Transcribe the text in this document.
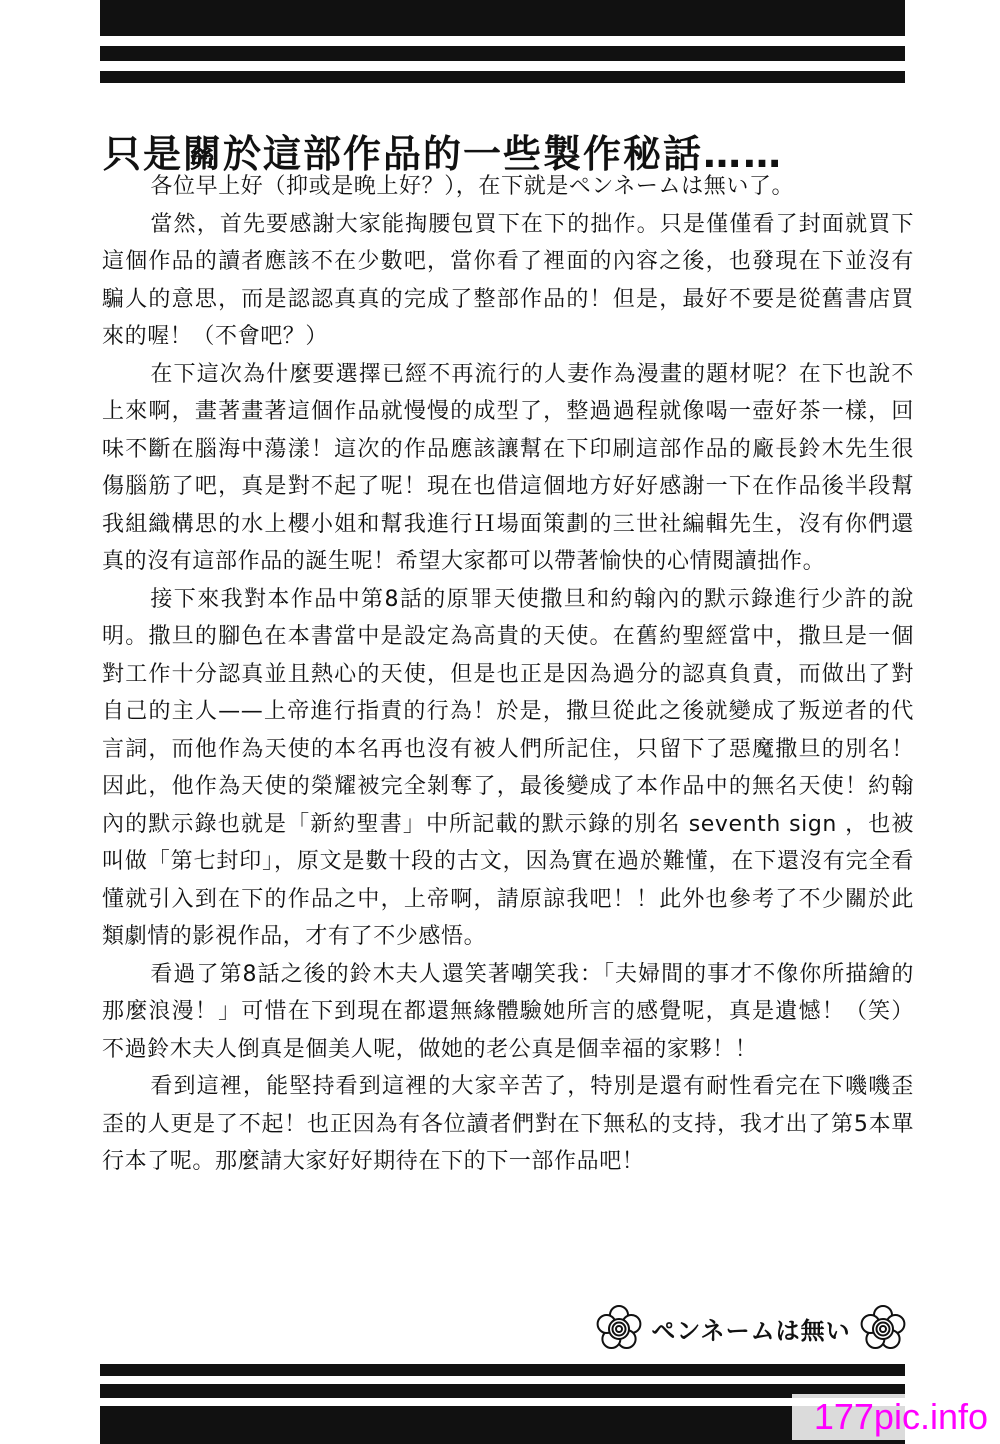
只是關於這部作品的一些製作秘話……

各位早上好（抑或是晚上好？），在下就是ペンネームは無い了。

當然，首先要感謝大家能掏腰包買下在下的拙作。只是僅僅看了封面就買下這個作品的讀者應該不在少數吧，當你看了裡面的內容之後，也發現在下並沒有騙人的意思，而是認認真真的完成了整部作品的！但是，最好不要是從舊書店買來的喔！（不會吧？）

在下這次為什麼要選擇已經不再流行的人妻作為漫畫的題材呢？在下也說不上來啊，畫著畫著這個作品就慢慢的成型了，整過過程就像喝一壺好茶一樣，回味不斷在腦海中蕩漾！這次的作品應該讓幫在下印刷這部作品的廠長鈴木先生很傷腦筋了吧，真是對不起了呢！現在也借這個地方好好感謝一下在作品後半段幫我組織構思的水上櫻小姐和幫我進行Ｈ場面策劃的三世社編輯先生，沒有你們還真的沒有這部作品的誕生呢！希望大家都可以帶著愉快的心情閱讀拙作。

接下來我對本作品中第8話的原罪天使撒旦和約翰內的默示錄進行少許的說明。撒旦的腳色在本書當中是設定為高貴的天使。在舊約聖經當中，撒旦是一個對工作十分認真並且熱心的天使，但是也正是因為過分的認真負責，而做出了對自己的主人——上帝進行指責的行為！於是，撒旦從此之後就變成了叛逆者的代言詞，而他作為天使的本名再也沒有被人們所記住，只留下了惡魔撒旦的別名！因此，他作為天使的榮耀被完全剝奪了，最後變成了本作品中的無名天使！約翰內的默示錄也就是「新約聖書」中所記載的默示錄的別名 seventh sign ，也被叫做「第七封印」，原文是數十段的古文，因為實在過於難懂，在下還沒有完全看懂就引入到在下的作品之中，上帝啊，請原諒我吧！！此外也參考了不少關於此類劇情的影視作品，才有了不少感悟。

看過了第8話之後的鈴木夫人還笑著嘲笑我：「夫婦間的事才不像你所描繪的那麼浪漫！」可惜在下到現在都還無緣體驗她所言的感覺呢，真是遺憾！（笑）不過鈴木夫人倒真是個美人呢，做她的老公真是個幸福的家夥！！

看到這裡，能堅持看到這裡的大家辛苦了，特別是還有耐性看完在下嘰嘰歪歪的人更是了不起！也正因為有各位讀者們對在下無私的支持，我才出了第5本單行本了呢。那麼請大家好好期待在下的下一部作品吧！

ペンネームは無い
177pic.info
